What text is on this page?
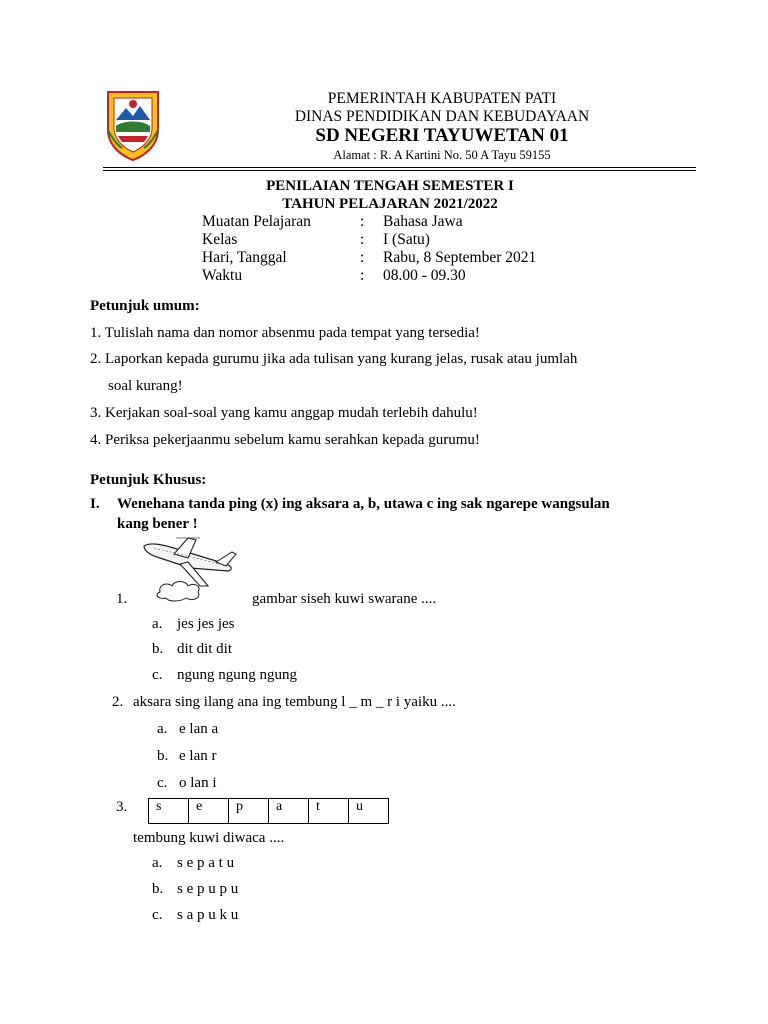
PEMERINTAH KABUPATEN PATI
DINAS PENDIDIKAN DAN KEBUDAYAAN
SD NEGERI TAYUWETAN 01
Alamat : R. A Kartini No. 50 A Tayu 59155
PENILAIAN TENGAH SEMESTER I
TAHUN PELAJARAN 2021/2022
Muatan Pelajaran	: Bahasa Jawa
Kelas	: I (Satu)
Hari, Tanggal	: Rabu, 8 September 2021
Waktu	: 08.00 - 09.30
Petunjuk umum:
1. Tulislah nama dan nomor absenmu pada tempat yang tersedia!
2. Laporkan kepada gurumu jika ada tulisan yang kurang jelas, rusak atau jumlah
soal kurang!
3. Kerjakan soal-soal yang kamu anggap mudah terlebih dahulu!
4. Periksa pekerjaanmu sebelum kamu serahkan kepada gurumu!
Petunjuk Khusus:
I. Wenehana tanda ping (x) ing aksara a, b, utawa c ing sak ngarepe wangsulan
kang bener !
1.	gambar siseh kuwi swarane ....
a. jes jes jes
b. dit dit dit
c. ngung ngung ngung
2. aksara sing ilang ana ing tembung l _ m _ r i yaiku ....
a. e lan a
b. e lan r
c. o lan i
3. s	e	p	a	t	u
tembung kuwi diwaca ....
a. s e p a t u
b. s e p u p u
c. s a p u k u
